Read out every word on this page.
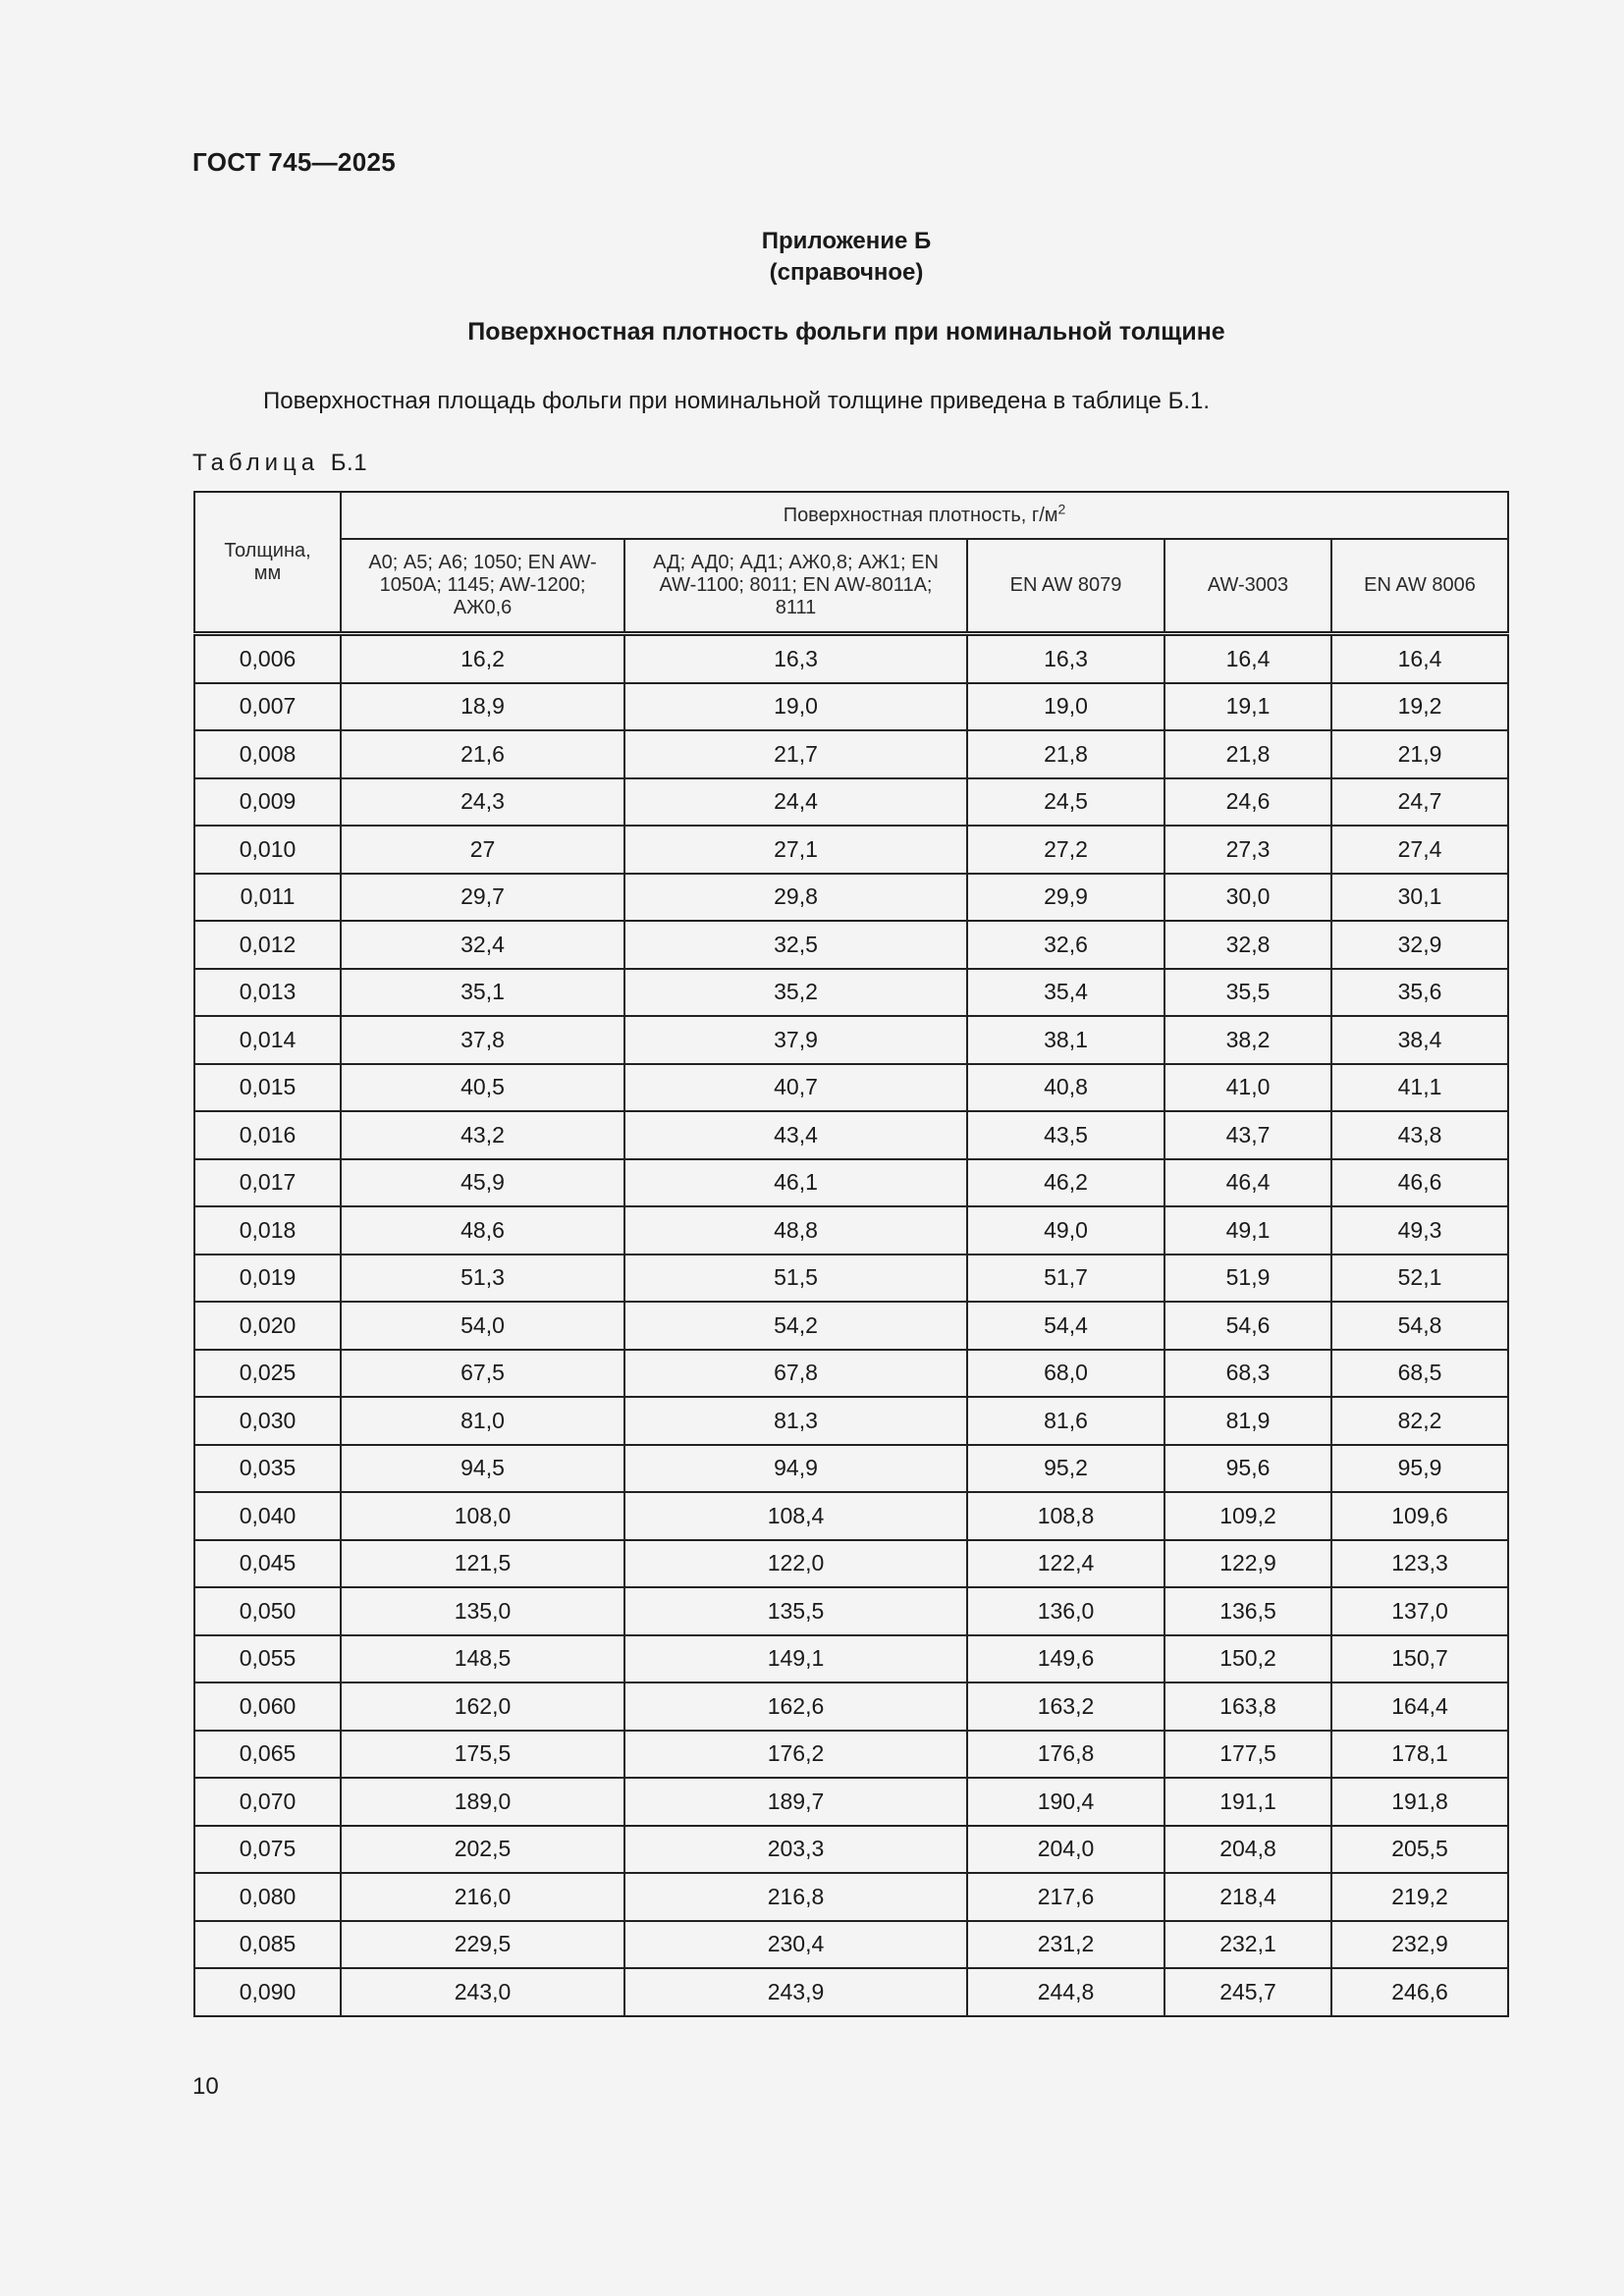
ГОСТ 745—2025
Приложение Б
(справочное)
Поверхностная плотность фольги при номинальной толщине
Поверхностная площадь фольги при номинальной толщине приведена в таблице Б.1.
Таблица Б.1
Толщина, мм	Поверхностная плотность, $г/м^2$
	А0; А5; А6; 1050; EN AW-1050A; 1145; AW-1200; АЖ0,6	АД; АД0; АД1; АЖ0,8; АЖ1; EN AW-1100; 8011; EN AW-8011A; 8111	EN AW 8079	AW-3003	EN AW 8006
0,006	16,2	16,3	16,3	16,4	16,4
0,007	18,9	19,0	19,0	19,1	19,2
0,008	21,6	21,7	21,8	21,8	21,9
0,009	24,3	24,4	24,5	24,6	24,7
0,010	27	27,1	27,2	27,3	27,4
0,011	29,7	29,8	29,9	30,0	30,1
0,012	32,4	32,5	32,6	32,8	32,9
0,013	35,1	35,2	35,4	35,5	35,6
0,014	37,8	37,9	38,1	38,2	38,4
0,015	40,5	40,7	40,8	41,0	41,1
0,016	43,2	43,4	43,5	43,7	43,8
0,017	45,9	46,1	46,2	46,4	46,6
0,018	48,6	48,8	49,0	49,1	49,3
0,019	51,3	51,5	51,7	51,9	52,1
0,020	54,0	54,2	54,4	54,6	54,8
0,025	67,5	67,8	68,0	68,3	68,5
0,030	81,0	81,3	81,6	81,9	82,2
0,035	94,5	94,9	95,2	95,6	95,9
0,040	108,0	108,4	108,8	109,2	109,6
0,045	121,5	122,0	122,4	122,9	123,3
0,050	135,0	135,5	136,0	136,5	137,0
0,055	148,5	149,1	149,6	150,2	150,7
0,060	162,0	162,6	163,2	163,8	164,4
0,065	175,5	176,2	176,8	177,5	178,1
0,070	189,0	189,7	190,4	191,1	191,8
0,075	202,5	203,3	204,0	204,8	205,5
0,080	216,0	216,8	217,6	218,4	219,2
0,085	229,5	230,4	231,2	232,1	232,9
0,090	243,0	243,9	244,8	245,7	246,6
10
